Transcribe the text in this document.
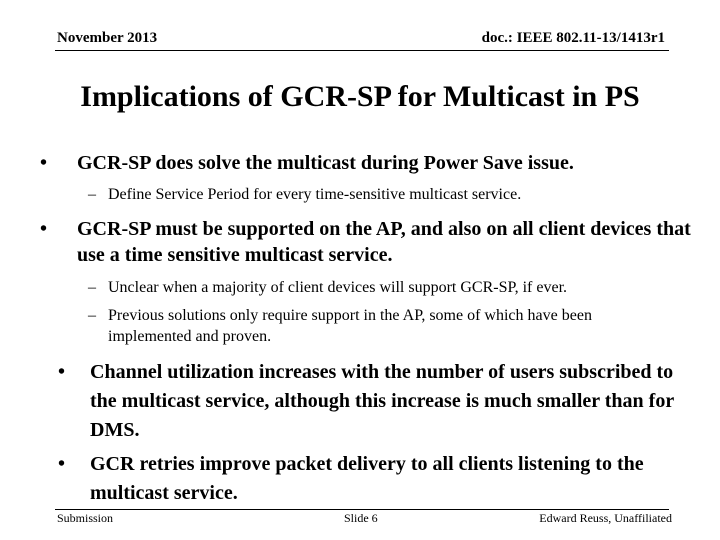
November 2013	doc.: IEEE 802.11-13/1413r1
Implications of GCR-SP for Multicast in PS
•	GCR-SP does solve the multicast during Power Save issue.
– Define Service Period for every time-sensitive multicast service.
•	GCR-SP must be supported on the AP, and also on all client devices that use a time sensitive multicast service.
– Unclear when a majority of client devices will support GCR-SP, if ever.
– Previous solutions only require support in the AP, some of which have been implemented and proven.
•	Channel utilization increases with the number of users subscribed to the multicast service, although this increase is much smaller than for DMS.
•	GCR retries improve packet delivery to all clients listening to the multicast service.
Submission	Slide 6	Edward Reuss, Unaffiliated
